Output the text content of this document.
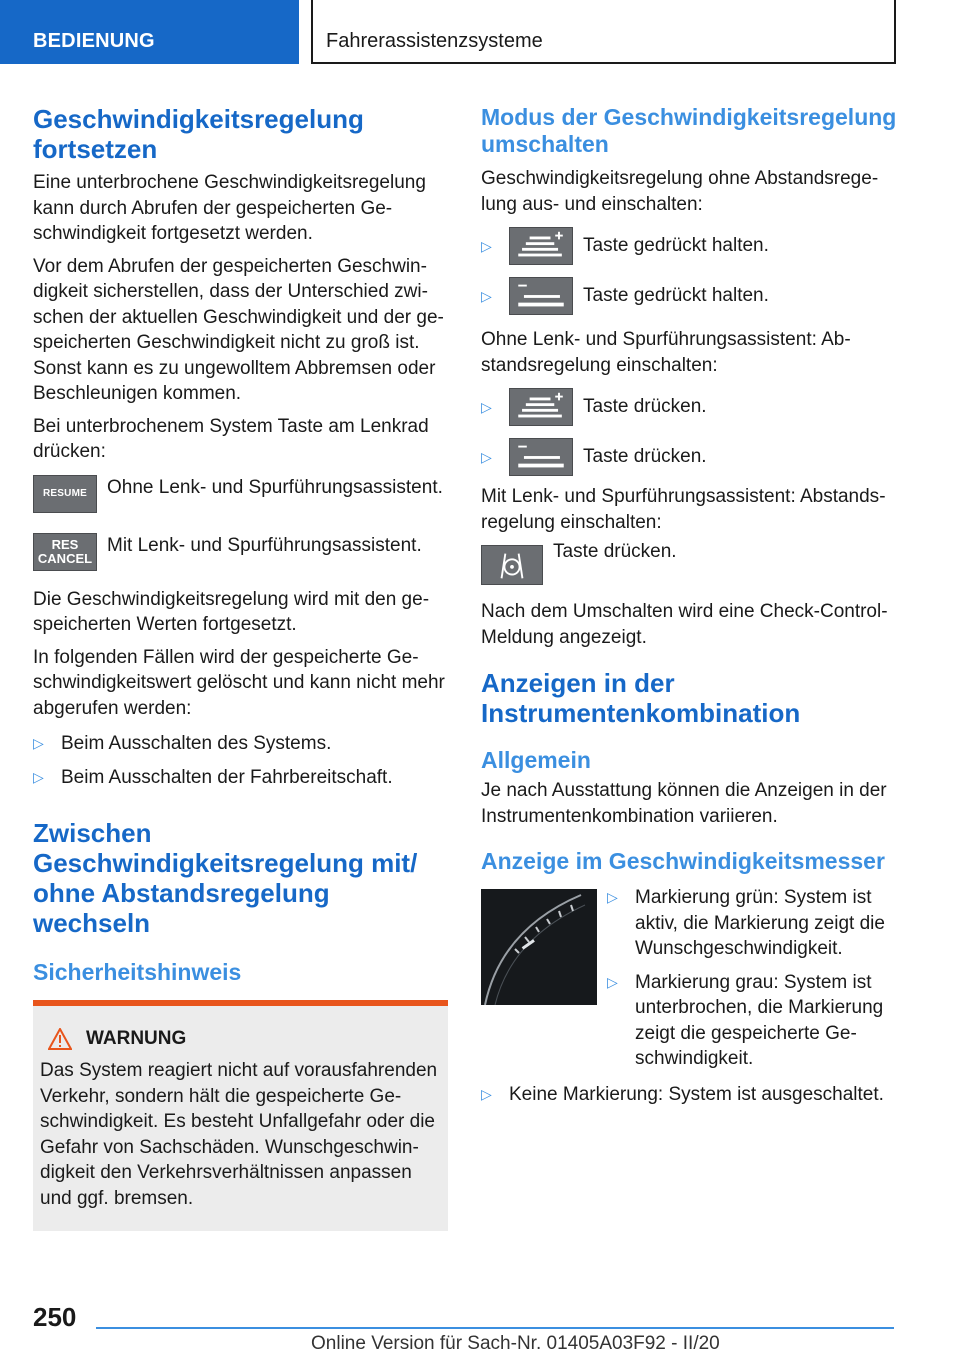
BEDIENUNG	Fahrerassistenzsysteme
Geschwindigkeitsregelung fortsetzen

Eine unterbrochene Geschwindigkeitsregelung kann durch Abrufen der gespeicherten Geschwindigkeit fortgesetzt werden.

Vor dem Abrufen der gespeicherten Geschwindigkeit sicherstellen, dass der Unterschied zwischen der aktuellen Geschwindigkeit und der gespeicherten Geschwindigkeit nicht zu groß ist. Sonst kann es zu ungewolltem Abbremsen oder Beschleunigen kommen.

Bei unterbrochenem System Taste am Lenkrad drücken:

RESUME Ohne Lenk- und Spurführungsassistent.
RES
CANCEL
Mit Lenk- und Spurführungsassistent.

Die Geschwindigkeitsregelung wird mit den gespeicherten Werten fortgesetzt.

In folgenden Fällen wird der gespeicherte Geschwindigkeitswert gelöscht und kann nicht mehr abgerufen werden:

▷ Beim Ausschalten des Systems.
▷ Beim Ausschalten der Fahrbereitschaft.
Zwischen Geschwindigkeitsregelung mit/ ohne Abstandsregelung wechseln
Sicherheitshinweis
WARNUNG

Das System reagiert nicht auf vorausfahrenden Verkehr, sondern hält die gespeicherte Geschwindigkeit. Es besteht Unfallgefahr oder die Gefahr von Sachschäden. Wunschgeschwindigkeit den Verkehrsverhältnissen anpassen und ggf. bremsen.

Modus der Geschwindigkeitsregelung umschalten

Geschwindigkeitsregelung ohne Abstandsregelung aus- und einschalten:

▷	Taste gedrückt halten.
▷	Taste gedrückt halten.

Ohne Lenk- und Spurführungsassistent: Abstandsregelung einschalten:

▷	Taste drücken.
▷	Taste drücken.

Mit Lenk- und Spurführungsassistent: Abstandsregelung einschalten:

Taste drücken.

Nach dem Umschalten wird eine Check-Control-Meldung angezeigt.

Anzeigen in der Instrumentenkombination
Allgemein

Je nach Ausstattung können die Anzeigen in der Instrumentenkombination variieren.

Anzeige im Geschwindigkeitsmesser
▷ Markierung grün: System ist aktiv, die Markierung zeigt die Wunschgeschwindigkeit.
▷ Markierung grau: System ist unterbrochen, die Markierung zeigt die gespeicherte Geschwindigkeit.
▷ Keine Markierung: System ist ausgeschaltet.
250
Online Version für Sach-Nr. 01405A03F92 - II/20
